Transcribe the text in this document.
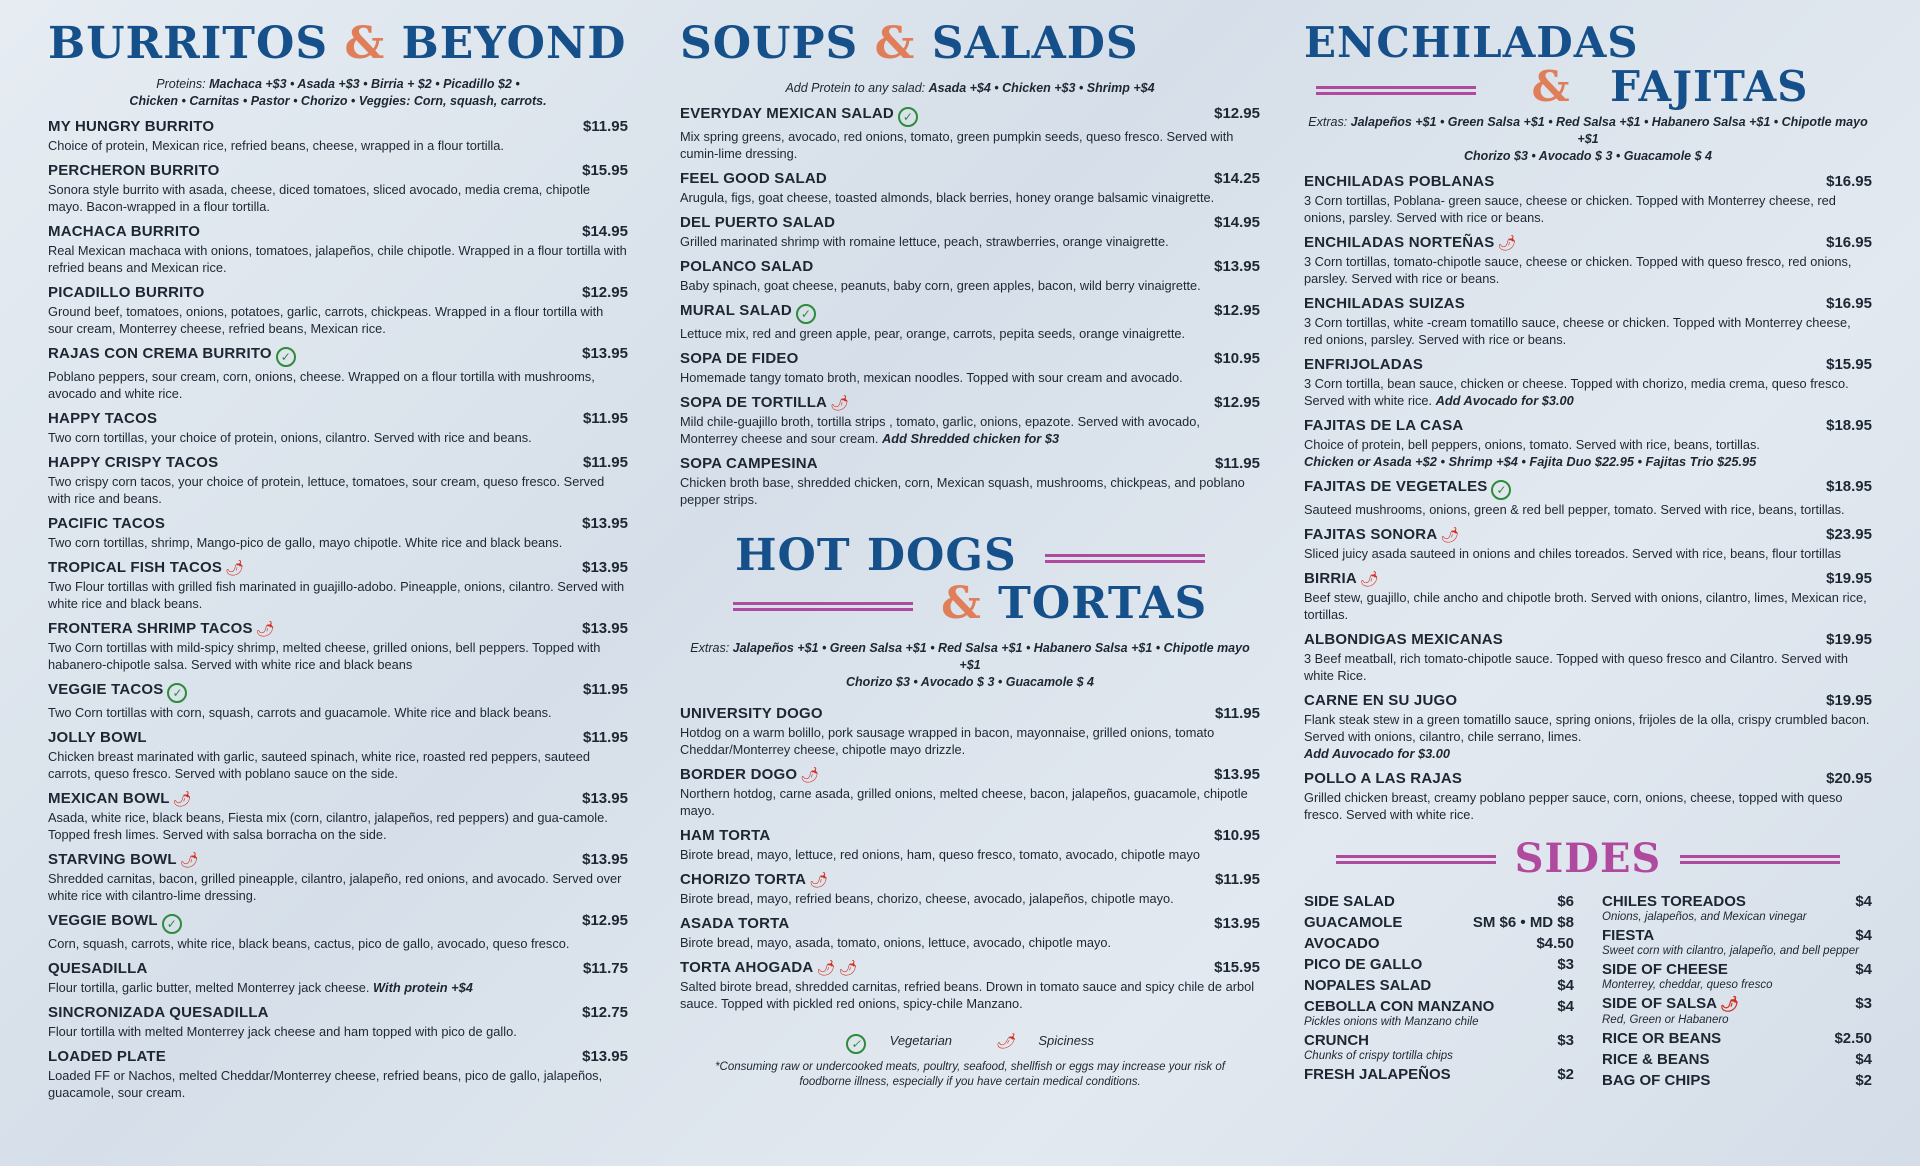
BURRITOS & BEYOND
Proteins: Machaca +$3 • Asada +$3 • Birria + $2 • Picadillo $2 •
Chicken • Carnitas • Pastor • Chorizo • Veggies: Corn, squash, carrots.
MY HUNGRY BURRITO	$11.95
Choice of protein, Mexican rice, refried beans, cheese, wrapped in a flour tortilla.
PERCHERON BURRITO	$15.95
Sonora style burrito with asada, cheese, diced tomatoes, sliced avocado, media crema, chipotle mayo. Bacon-wrapped in a flour tortilla.
MACHACA BURRITO	$14.95
Real Mexican machaca with onions, tomatoes, jalapeños, chile chipotle. Wrapped in a flour tortilla with refried beans and Mexican rice.
PICADILLO BURRITO	$12.95
Ground beef, tomatoes, onions, potatoes, garlic, carrots, chickpeas. Wrapped in a flour tortilla with sour cream, Monterrey cheese, refried beans, Mexican rice.
RAJAS CON CREMA BURRITO ✓	$13.95
Poblano peppers, sour cream, corn, onions, cheese. Wrapped on a flour tortilla with mushrooms, avocado and white rice.
HAPPY TACOS	$11.95
Two corn tortillas, your choice of protein, onions, cilantro. Served with rice and beans.
HAPPY CRISPY TACOS	$11.95
Two crispy corn tacos, your choice of protein, lettuce, tomatoes, sour cream, queso fresco. Served with rice and beans.
PACIFIC TACOS	$13.95
Two corn tortillas, shrimp, Mango-pico de gallo, mayo chipotle. White rice and black beans.
TROPICAL FISH TACOS 🌶	$13.95
Two Flour tortillas with grilled fish marinated in guajillo-adobo. Pineapple, onions, cilantro. Served with white rice and black beans.
FRONTERA SHRIMP TACOS 🌶	$13.95
Two Corn tortillas with mild-spicy shrimp, melted cheese, grilled onions, bell peppers. Topped with habanero-chipotle salsa. Served with white rice and black beans
VEGGIE TACOS ✓	$11.95
Two Corn tortillas with corn, squash, carrots and guacamole. White rice and black beans.
JOLLY BOWL	$11.95
Chicken breast marinated with garlic, sauteed spinach, white rice, roasted red peppers, sauteed carrots, queso fresco. Served with poblano sauce on the side.
MEXICAN BOWL 🌶	$13.95
Asada, white rice, black beans, Fiesta mix (corn, cilantro, jalapeños, red peppers) and gua-camole. Topped fresh limes. Served with salsa borracha on the side.
STARVING BOWL 🌶	$13.95
Shredded carnitas, bacon, grilled pineapple, cilantro, jalapeño, red onions, and avocado. Served over white rice with cilantro-lime dressing.
VEGGIE BOWL ✓	$12.95
Corn, squash, carrots, white rice, black beans, cactus, pico de gallo, avocado, queso fresco.
QUESADILLA	$11.75
Flour tortilla, garlic butter, melted Monterrey jack cheese. With protein +$4
SINCRONIZADA QUESADILLA	$12.75
Flour tortilla with melted Monterrey jack cheese and ham topped with pico de gallo.
LOADED PLATE	$13.95
Loaded FF or Nachos, melted Cheddar/Monterrey cheese, refried beans, pico de gallo, jalapeños, guacamole, sour cream.
SOUPS & SALADS
Add Protein to any salad: Asada +$4 • Chicken +$3 • Shrimp +$4
EVERYDAY MEXICAN SALAD ✓	$12.95
Mix spring greens, avocado, red onions, tomato, green pumpkin seeds, queso fresco. Served with cumin-lime dressing.
FEEL GOOD SALAD	$14.25
Arugula, figs, goat cheese, toasted almonds, black berries, honey orange balsamic vinaigrette.
DEL PUERTO SALAD	$14.95
Grilled marinated shrimp with romaine lettuce, peach, strawberries, orange vinaigrette.
POLANCO SALAD	$13.95
Baby spinach, goat cheese, peanuts, baby corn, green apples, bacon, wild berry vinaigrette.
MURAL SALAD ✓	$12.95
Lettuce mix, red and green apple, pear, orange, carrots, pepita seeds, orange vinaigrette.
SOPA DE FIDEO	$10.95
Homemade tangy tomato broth, mexican noodles. Topped with sour cream and avocado.
SOPA DE TORTILLA 🌶	$12.95
Mild chile-guajillo broth, tortilla strips , tomato, garlic, onions, epazote. Served with avocado, Monterrey cheese and sour cream. Add Shredded chicken for $3
SOPA CAMPESINA	$11.95
Chicken broth base, shredded chicken, corn, Mexican squash, mushrooms, chickpeas, and poblano pepper strips.
HOT DOGS
& TORTAS
Extras: Jalapeños +$1 • Green Salsa +$1 • Red Salsa +$1 • Habanero Salsa +$1 • Chipotle mayo +$1
Chorizo $3 • Avocado $ 3 • Guacamole $ 4
UNIVERSITY DOGO	$11.95
Hotdog on a warm bolillo, pork sausage wrapped in bacon, mayonnaise, grilled onions, tomato Cheddar/Monterrey cheese, chipotle mayo drizzle.
BORDER DOGO 🌶	$13.95
Northern hotdog, carne asada, grilled onions, melted cheese, bacon, jalapeños, guacamole, chipotle mayo.
HAM TORTA	$10.95
Birote bread, mayo, lettuce, red onions, ham, queso fresco, tomato, avocado, chipotle mayo
CHORIZO TORTA 🌶	$11.95
Birote bread, mayo, refried beans, chorizo, cheese, avocado, jalapeños, chipotle mayo.
ASADA TORTA	$13.95
Birote bread, mayo, asada, tomato, onions, lettuce, avocado, chipotle mayo.
TORTA AHOGADA 🌶 🌶	$15.95
Salted birote bread, shredded carnitas, refried beans. Drown in tomato sauce and spicy chile de arbol sauce. Topped with pickled red onions, spicy-chile Manzano.
✓ Vegetarian	🌶 Spiciness
*Consuming raw or undercooked meats, poultry, seafood, shellfish or eggs may increase your risk of
foodborne illness, especially if you have certain medical conditions.
ENCHILADAS
& FAJITAS
Extras: Jalapeños +$1 • Green Salsa +$1 • Red Salsa +$1 • Habanero Salsa +$1 • Chipotle mayo +$1
Chorizo $3 • Avocado $ 3 • Guacamole $ 4
ENCHILADAS POBLANAS	$16.95
3 Corn tortillas, Poblana- green sauce, cheese or chicken. Topped with Monterrey cheese, red onions, parsley. Served with rice or beans.
ENCHILADAS NORTEÑAS 🌶	$16.95
3 Corn tortillas, tomato-chipotle sauce, cheese or chicken. Topped with queso fresco, red onions, parsley. Served with rice or beans.
ENCHILADAS SUIZAS	$16.95
3 Corn tortillas, white -cream tomatillo sauce, cheese or chicken. Topped with Monterrey cheese, red onions, parsley. Served with rice or beans.
ENFRIJOLADAS	$15.95
3 Corn tortilla, bean sauce, chicken or cheese. Topped with chorizo, media crema, queso fresco. Served with white rice. Add Avocado for $3.00
FAJITAS DE LA CASA	$18.95
Choice of protein, bell peppers, onions, tomato. Served with rice, beans, tortillas.
Chicken or Asada +$2 • Shrimp +$4 • Fajita Duo $22.95 • Fajitas Trio $25.95
FAJITAS DE VEGETALES ✓	$18.95
Sauteed mushrooms, onions, green & red bell pepper, tomato. Served with rice, beans, tortillas.
FAJITAS SONORA 🌶	$23.95
Sliced juicy asada sauteed in onions and chiles toreados. Served with rice, beans, flour tortillas
BIRRIA 🌶	$19.95
Beef stew, guajillo, chile ancho and chipotle broth. Served with onions, cilantro, limes, Mexican rice, tortillas.
ALBONDIGAS MEXICANAS	$19.95
3 Beef meatball, rich tomato-chipotle sauce. Topped with queso fresco and Cilantro. Served with white Rice.
CARNE EN SU JUGO	$19.95
Flank steak stew in a green tomatillo sauce, spring onions, frijoles de la olla, crispy crumbled bacon. Served with onions, cilantro, chile serrano, limes.
Add Auvocado for $3.00
POLLO A LAS RAJAS	$20.95
Grilled chicken breast, creamy poblano pepper sauce, corn, onions, cheese, topped with queso fresco. Served with white rice.
SIDES
SIDE SALAD	$6
GUACAMOLE	SM $6 • MD $8
AVOCADO	$4.50
PICO DE GALLO	$3
NOPALES SALAD	$4
CEBOLLA CON MANZANO	$4
Pickles onions with Manzano chile
CRUNCH	$3
Chunks of crispy tortilla chips
FRESH JALAPEÑOS	$2
CHILES TOREADOS	$4
Onions, jalapeños, and Mexican vinegar
FIESTA	$4
Sweet corn with cilantro, jalapeño, and bell pepper
SIDE OF CHEESE	$4
Monterrey, cheddar, queso fresco
SIDE OF SALSA 🌶	$3
Red, Green or Habanero
RICE OR BEANS	$2.50
RICE & BEANS	$4
BAG OF CHIPS	$2
